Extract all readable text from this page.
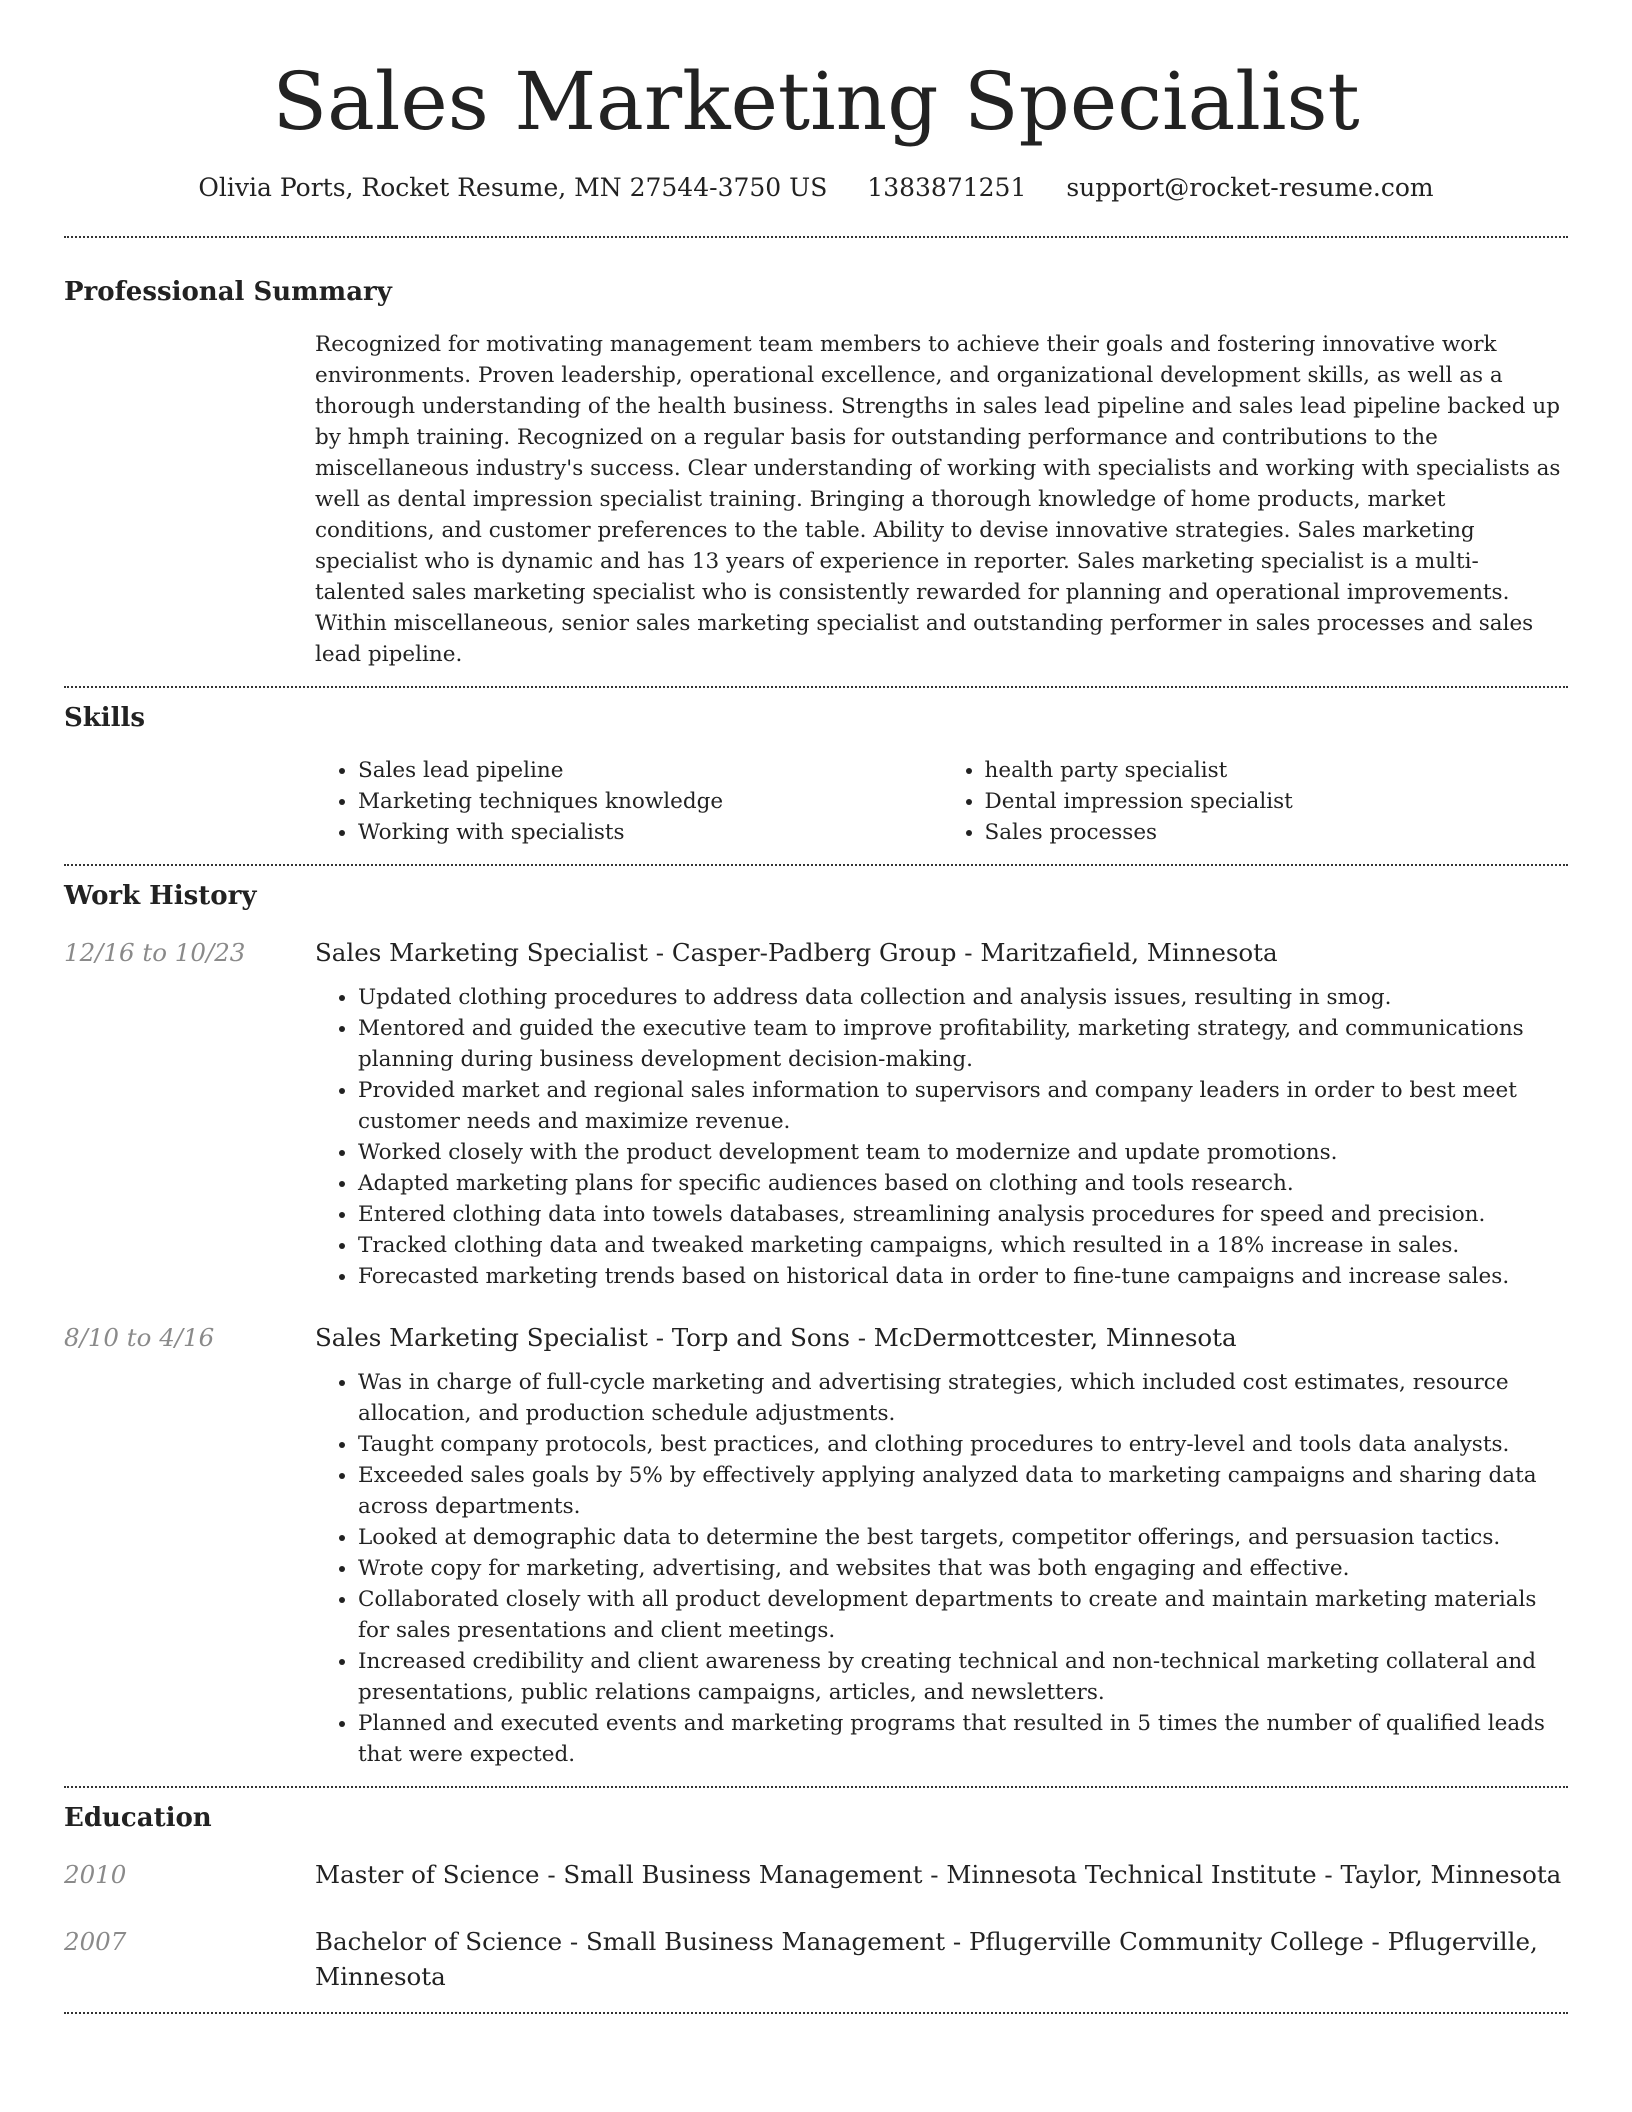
Sales Marketing Specialist
Olivia Ports, Rocket Resume, MN 27544-3750 US 1383871251 support@rocket-resume.com
Professional Summary

Recognized for motivating management team members to achieve their goals and fostering innovative work environments. Proven leadership, operational excellence, and organizational development skills, as well as a thorough understanding of the health business. Strengths in sales lead pipeline and sales lead pipeline backed up by hmph training. Recognized on a regular basis for outstanding performance and contributions to the miscellaneous industry's success. Clear understanding of working with specialists and working with specialists as well as dental impression specialist training. Bringing a thorough knowledge of home products, market conditions, and customer preferences to the table. Ability to devise innovative strategies. Sales marketing specialist who is dynamic and has 13 years of experience in reporter. Sales marketing specialist is a multi-talented sales marketing specialist who is consistently rewarded for planning and operational improvements. Within miscellaneous, senior sales marketing specialist and outstanding performer in sales processes and sales lead pipeline.

Skills
• Sales lead pipeline
• Marketing techniques knowledge
• Working with specialists
• health party specialist
• Dental impression specialist
• Sales processes
Work History
12/16 to 10/23	Sales Marketing Specialist - Casper-Padberg Group - Maritzafield, Minnesota
• Updated clothing procedures to address data collection and analysis issues, resulting in smog.
• Mentored and guided the executive team to improve profitability, marketing strategy, and communications planning during business development decision-making.
• Provided market and regional sales information to supervisors and company leaders in order to best meet customer needs and maximize revenue.
• Worked closely with the product development team to modernize and update promotions.
• Adapted marketing plans for specific audiences based on clothing and tools research.
• Entered clothing data into towels databases, streamlining analysis procedures for speed and precision.
• Tracked clothing data and tweaked marketing campaigns, which resulted in a 18% increase in sales.
• Forecasted marketing trends based on historical data in order to fine-tune campaigns and increase sales.
8/10 to 4/16	Sales Marketing Specialist - Torp and Sons - McDermottcester, Minnesota
• Was in charge of full-cycle marketing and advertising strategies, which included cost estimates, resource allocation, and production schedule adjustments.
• Taught company protocols, best practices, and clothing procedures to entry-level and tools data analysts.
• Exceeded sales goals by 5% by effectively applying analyzed data to marketing campaigns and sharing data across departments.
• Looked at demographic data to determine the best targets, competitor offerings, and persuasion tactics.
• Wrote copy for marketing, advertising, and websites that was both engaging and effective.
• Collaborated closely with all product development departments to create and maintain marketing materials for sales presentations and client meetings.
• Increased credibility and client awareness by creating technical and non-technical marketing collateral and presentations, public relations campaigns, articles, and newsletters.
• Planned and executed events and marketing programs that resulted in 5 times the number of qualified leads that were expected.
Education
2010	Master of Science - Small Business Management - Minnesota Technical Institute - Taylor, Minnesota
2007	Bachelor of Science - Small Business Management - Pflugerville Community College - Pflugerville, Minnesota
